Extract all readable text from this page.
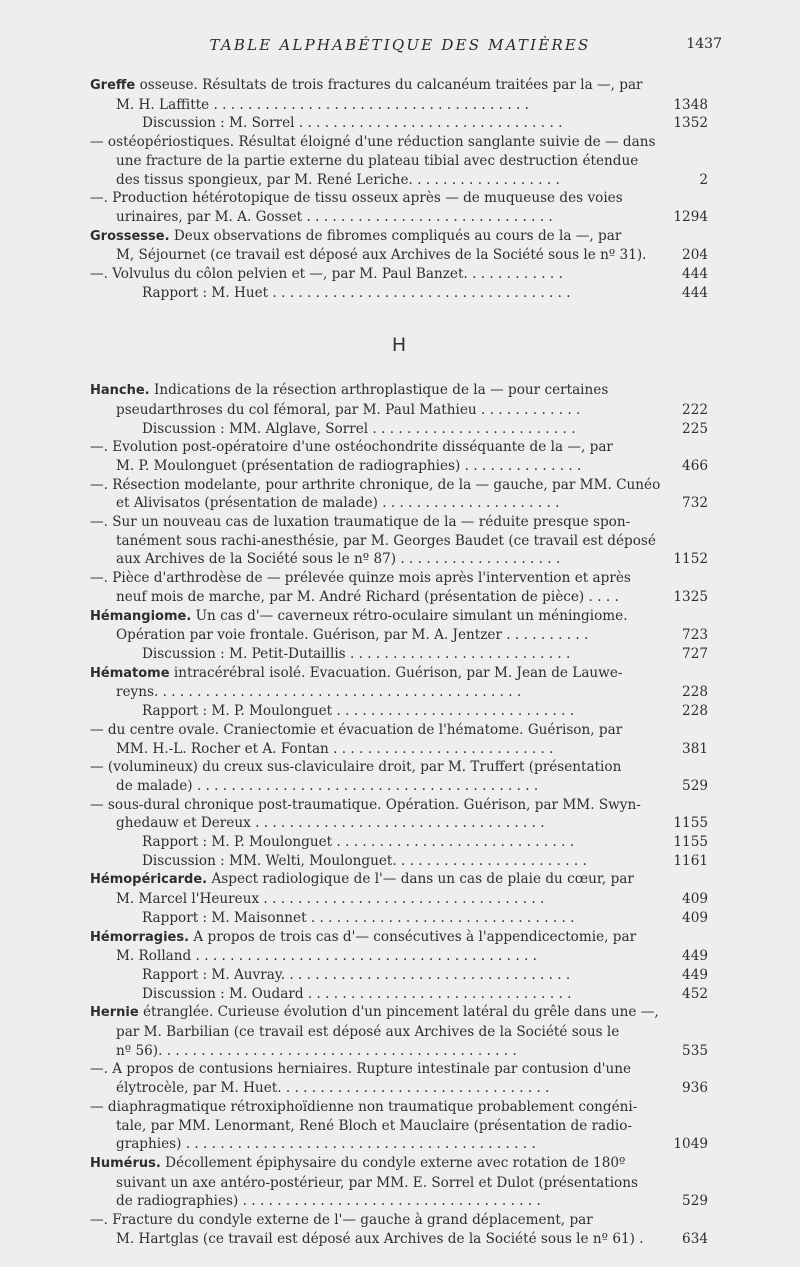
TABLE ALPHABÉTIQUE DES MATIÈRES	1437
Greffe osseuse. Résultats de trois fractures du calcanéum traitées par la —, par
M. H. Laffitte . . . . . . . . . . . . . . . . . . . . . . . . . . . . . . . . . . . . .	1348
Discussion : M. Sorrel . . . . . . . . . . . . . . . . . . . . . . . . . . . . . . .	1352
— ostéopériostiques. Résultat éloigné d'une réduction sanglante suivie de — dans
une fracture de la partie externe du plateau tibial avec destruction étendue
des tissus spongieux, par M. René Leriche. . . . . . . . . . . . . . . . . .	2
—. Production hétérotopique de tissu osseux après — de muqueuse des voies
urinaires, par M. A. Gosset . . . . . . . . . . . . . . . . . . . . . . . . . . . . .	1294
Grossesse. Deux observations de fibromes compliqués au cours de la —, par
M, Séjournet (ce travail est déposé aux Archives de la Société sous le nº 31).	204
—. Volvulus du côlon pelvien et —, par M. Paul Banzet. . . . . . . . . . . .	444
Rapport : M. Huet . . . . . . . . . . . . . . . . . . . . . . . . . . . . . . . . . . .	444
H
Hanche. Indications de la résection arthroplastique de la — pour certaines
pseudarthroses du col fémoral, par M. Paul Mathieu . . . . . . . . . . . .	222
Discussion : MM. Alglave, Sorrel . . . . . . . . . . . . . . . . . . . . . . . .	225
—. Evolution post-opératoire d'une ostéochondrite disséquante de la —, par
M. P. Moulonguet (présentation de radiographies) . . . . . . . . . . . . . .	466
—. Résection modelante, pour arthrite chronique, de la — gauche, par MM. Cunéo
et Alivisatos (présentation de malade) . . . . . . . . . . . . . . . . . . . . .	732
—. Sur un nouveau cas de luxation traumatique de la — réduite presque spon-
tanément sous rachi-anesthésie, par M. Georges Baudet (ce travail est déposé
aux Archives de la Société sous le nº 87) . . . . . . . . . . . . . . . . . . .	1152
—. Pièce d'arthrodèse de — prélevée quinze mois après l'intervention et après
neuf mois de marche, par M. André Richard (présentation de pièce) . . . .	1325
Hémangiome. Un cas d'— caverneux rétro-oculaire simulant un méningiome.
Opération par voie frontale. Guérison, par M. A. Jentzer . . . . . . . . . .	723
Discussion : M. Petit-Dutaillis . . . . . . . . . . . . . . . . . . . . . . . . . .	727
Hématome intracérébral isolé. Evacuation. Guérison, par M. Jean de Lauwe-
reyns. . . . . . . . . . . . . . . . . . . . . . . . . . . . . . . . . . . . . . . . . . .	228
Rapport : M. P. Moulonguet . . . . . . . . . . . . . . . . . . . . . . . . . . . .	228
— du centre ovale. Craniectomie et évacuation de l'hématome. Guérison, par
MM. H.-L. Rocher et A. Fontan . . . . . . . . . . . . . . . . . . . . . . . . . .	381
— (volumineux) du creux sus-claviculaire droit, par M. Truffert (présentation
de malade) . . . . . . . . . . . . . . . . . . . . . . . . . . . . . . . . . . . . . . . .	529
— sous-dural chronique post-traumatique. Opération. Guérison, par MM. Swyn-
ghedauw et Dereux . . . . . . . . . . . . . . . . . . . . . . . . . . . . . . . . . .	1155
Rapport : M. P. Moulonguet . . . . . . . . . . . . . . . . . . . . . . . . . . . .	1155
Discussion : MM. Welti, Moulonguet. . . . . . . . . . . . . . . . . . . . . . .	1161
Hémopéricarde. Aspect radiologique de l'— dans un cas de plaie du cœur, par
M. Marcel l'Heureux . . . . . . . . . . . . . . . . . . . . . . . . . . . . . . . . .	409
Rapport : M. Maisonnet . . . . . . . . . . . . . . . . . . . . . . . . . . . . . . .	409
Hémorragies. A propos de trois cas d'— consécutives à l'appendicectomie, par
M. Rolland . . . . . . . . . . . . . . . . . . . . . . . . . . . . . . . . . . . . . . . .	449
Rapport : M. Auvray. . . . . . . . . . . . . . . . . . . . . . . . . . . . . . . . . .	449
Discussion : M. Oudard . . . . . . . . . . . . . . . . . . . . . . . . . . . . . . .	452
Hernie étranglée. Curieuse évolution d'un pincement latéral du grêle dans une —,
par M. Barbilian (ce travail est déposé aux Archives de la Société sous le
nº 56). . . . . . . . . . . . . . . . . . . . . . . . . . . . . . . . . . . . . . . . . .	535
—. A propos de contusions herniaires. Rupture intestinale par contusion d'une
élytrocèle, par M. Huet. . . . . . . . . . . . . . . . . . . . . . . . . . . . . . . .	936
— diaphragmatique rétroxiphoïdienne non traumatique probablement congéni-
tale, par MM. Lenormant, René Bloch et Mauclaire (présentation de radio-
graphies) . . . . . . . . . . . . . . . . . . . . . . . . . . . . . . . . . . . . . . . . .	1049
Humérus. Décollement épiphysaire du condyle externe avec rotation de 180º
suivant un axe antéro-postérieur, par MM. E. Sorrel et Dulot (présentations
de radiographies) . . . . . . . . . . . . . . . . . . . . . . . . . . . . . . . . . . .	529
—. Fracture du condyle externe de l'— gauche à grand déplacement, par
M. Hartglas (ce travail est déposé aux Archives de la Société sous le nº 61) .	634
